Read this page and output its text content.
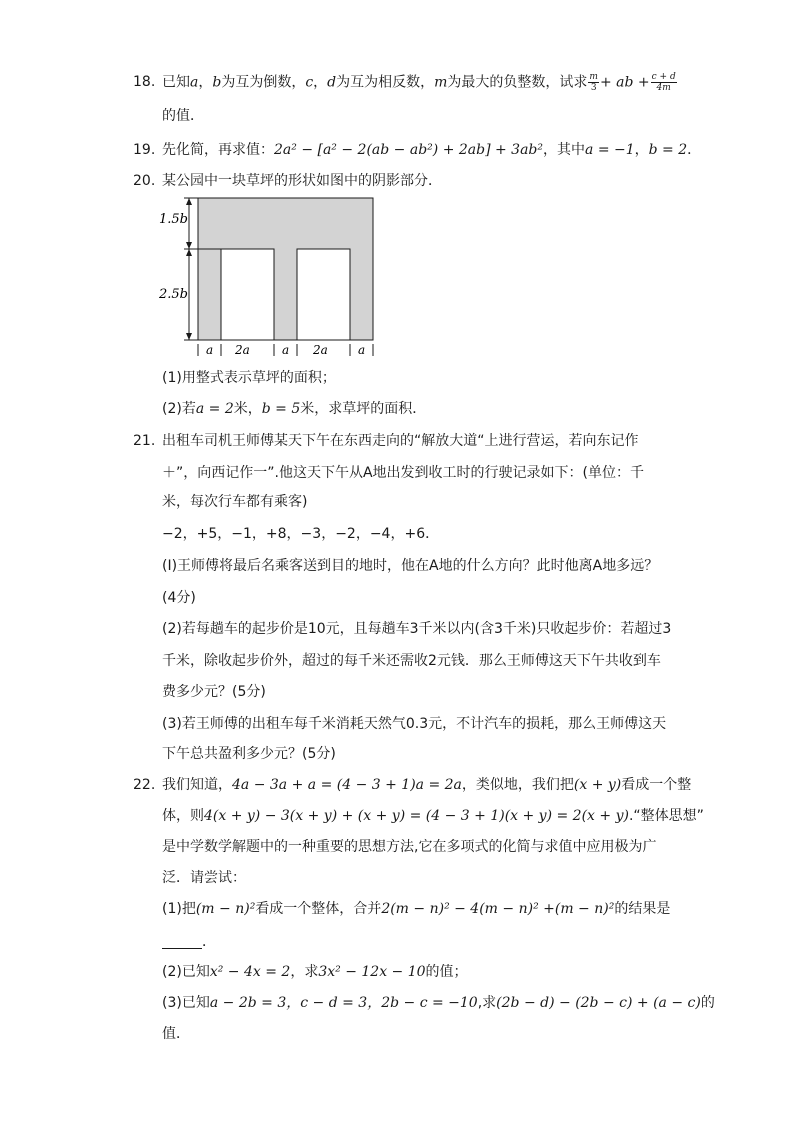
18. 已知a，b为互为倒数，c，d为互为相反数，m为最大的负整数，试求 $\frac{m}{3}$ + ab + $\frac{c + d}{4m}$
的值．
19. 先化简，再求值：2a² − [a² − 2(ab − ab²) + 2ab] + 3ab²，其中a = −1，b = 2．
20. 某公园中一块草坪的形状如图中的阴影部分．
1.5b
2.5b
a 2a	a 2a	a
(1)用整式表示草坪的面积；
(2)若a = 2米，b = 5米，求草坪的面积．
21. 出租车司机王师傅某天下午在东西走向的“解放大道“上进行营运，若向东记作
＋”，向西记作一”.他这天下午从A地出发到收工时的行驶记录如下：(单位：千
米，每次行车都有乘客)
−2，+5，−1，+8，−3，−2，−4，+6．
(I)王师傅将最后名乘客送到目的地时，他在A地的什么方向？此时他离A地多远？
(4分)
(2)若每趟车的起步价是10元，且每趟车3千米以内(含3千米)只收起步价：若超过3
千米，除收起步价外，超过的每千米还需收2元钱．那么王师傅这天下午共收到车
费多少元？(5分)
(3)若王师傅的出租车每千米消耗天然气0.3元，不计汽车的损耗，那么王师傅这天
下午总共盈利多少元？(5分)
22. 我们知道，4a − 3a + a = (4 − 3 + 1)a = 2a，类似地，我们把(x + y)看成一个整
体，则4(x + y) − 3(x + y) + (x + y) = (4 − 3 + 1)(x + y) = 2(x + y).“整体思想”
是中学数学解题中的一种重要的思想方法,它在多项式的化简与求值中应用极为广
泛．请尝试：
(1)把(m − n)²看成一个整体，合并2(m − n)² − 4(m − n)² +(m − n)²的结果是
．
(2)已知x² − 4x = 2，求3x² − 12x − 10的值；
(3)已知a − 2b = 3，c − d = 3，2b − c = −10,求(2b − d) − (2b − c) + (a − c)的
值．
